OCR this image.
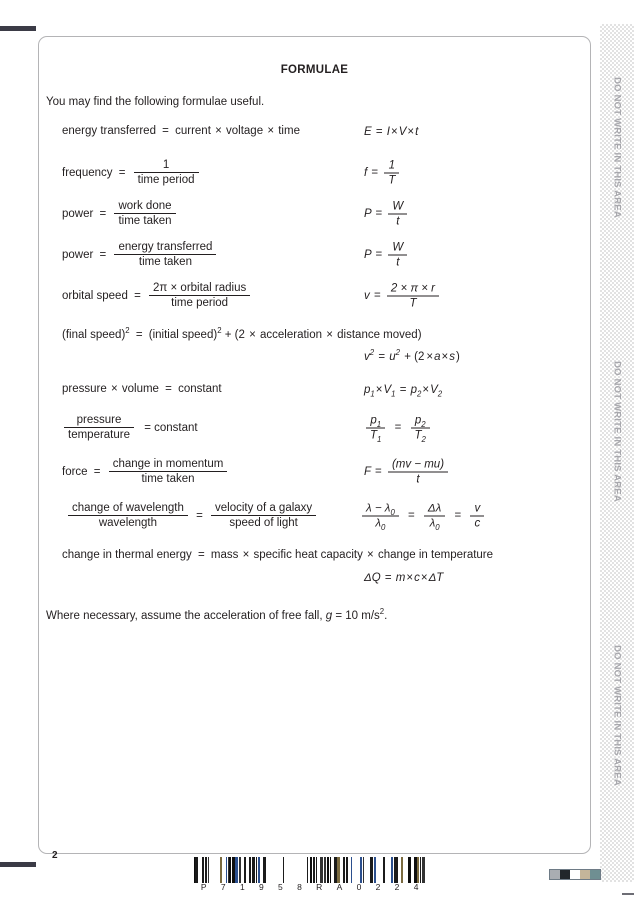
DO NOT WRITE IN THIS AREA
DO NOT WRITE IN THIS AREA
DO NOT WRITE IN THIS AREA
FORMULAE
You may find the following formulae useful.
energy transferred = current × voltage × time	E = I×V×t
frequency = $\frac{1}{\text{time period}}$	$f = \frac{1}{T}$
power = $\frac{\text{work done}}{\text{time taken}}$	$P = \frac{W}{t}$
power = $\frac{\text{energy transferred}}{\text{time taken}}$	$P = \frac{W}{t}$
orbital speed = $\frac{\text{2π × orbital radius}}{\text{time period}}$	$v = \frac{2 \times \pi \times r}{T}$
(final speed)$^2$ = (initial speed)$^2$ + (2 × acceleration × distance moved)
$v^2 = u^2 + (2 \times a\times s)$
pressure × volume = constant	$p_1\times V_1 = p_2\times V_2$
$\frac{\text{pressure}}{\text{temperature}}$ = constant	$\frac{p_1}{T_1} = \frac{p_2}{T_2}$
force = $\frac{\text{change in momentum}}{\text{time taken}}$	$F = \frac{(mv - mu)}{t}$
$\frac{\text{change of wavelength}}{\text{wavelength}} = \frac{\text{velocity of a galaxy}}{\text{speed of light}}$	$\frac{\lambda - \lambda_0}{\lambda_0} = \frac{\Delta\lambda}{\lambda_0} = \frac{v}{c}$
change in thermal energy = mass × specific heat capacity × change in temperature
ΔQ = m×c×ΔT
Where necessary, assume the acceleration of free fall, g = 10 $m/s^2$.
2
P 7 1 9 5 8 R A 0 2 2 4
